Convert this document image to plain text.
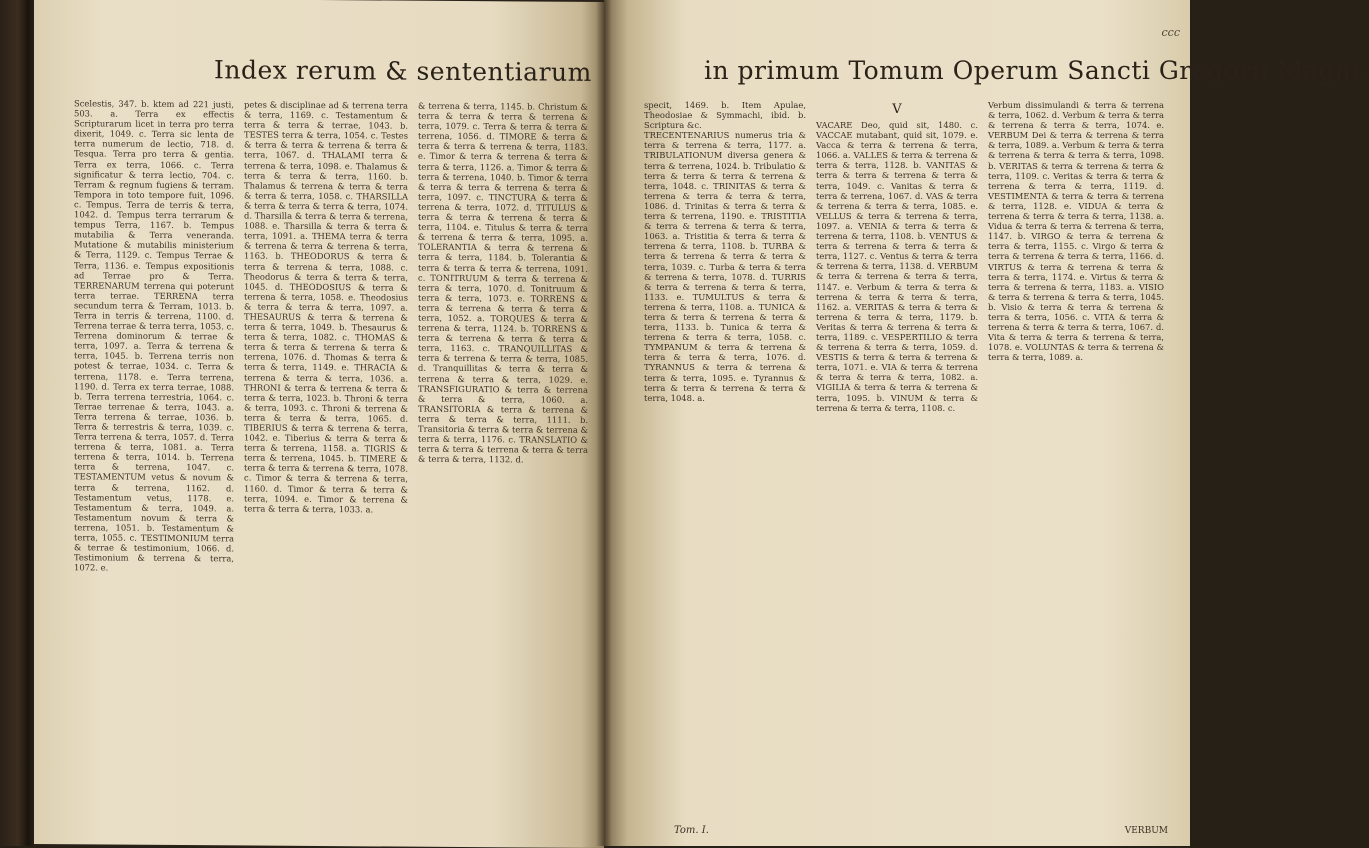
Index rerum & sententiarum

Scelestis, 347. b. ktem ad 221 justi, 503. a. Terra ex effectis Scripturarum licet in terra pro terra dixerit, 1049. c. Terra sic lenta de terra numerum de lectio, 718. d. Tesqua. Terra pro terra & gentia. Terra ex terra, 1066. c. Terra significatur & terra lectio, 704. c. Terram & regnum fugiens & terram. Tempora in toto tempore fuit, 1096. c. Tempus. Terra de terris & terra, 1042. d. Tempus terra terrarum & tempus Terra, 1167. b. Tempus mutabilia & Terra veneranda. Mutatione & mutabilis ministerium & Terra, 1129. c. Tempus Terrae & Terra, 1136. e. Tempus expositionis ad Terrae pro & Terra. TERRENARUM terrena qui poterunt terra terrae. TERRENA terra secundum terra & Terram, 1013. b. Terra in terris & terrena, 1100. d. Terrena terrae & terra terra, 1053. c. Terrena dominorum & terrae & terra, 1097. a. Terra & terrena & terra, 1045. b. Terrena terris non potest & terrae, 1034. c. Terra & terrena, 1178. e. Terra terrena, 1190. d. Terra ex terra terrae, 1088. b. Terra terrena terrestria, 1064. c. Terrae terrenae & terra, 1043. a. Terra terrena & terrae, 1036. b. Terra & terrestris & terra, 1039. c. Terra terrena & terra, 1057. d. Terra terrena & terra, 1081. a. Terra terrena & terra, 1014. b. Terrena terra & terrena, 1047. c. TESTAMENTUM vetus & novum & terra & terrena, 1162. d. Testamentum vetus, 1178. e. Testamentum & terra, 1049. a. Testamentum novum & terra & terrena, 1051. b. Testamentum & terra, 1055. c. TESTIMONIUM terra & terrae & testimonium, 1066. d. Testimonium & terrena & terra, 1072. e.

petes & disciplinae ad & terrena terra & terra, 1169. c. Testamentum & terra & terra & terrae, 1043. b. TESTES terra & terra, 1054. c. Testes & terra & terra & terrena & terra & terra, 1067. d. THALAMI terra & terrena & terra, 1098. e. Thalamus & terra & terra & terra, 1160. b. Thalamus & terrena & terra & terra & terra & terra, 1058. c. THARSILLA & terra & terra & terra & terra, 1074. d. Tharsilla & terra & terra & terrena, 1088. e. Tharsilla & terra & terra & terra, 1091. a. THEMA terra & terra & terrena & terra & terrena & terra, 1163. b. THEODORUS & terra & terra & terrena & terra, 1088. c. Theodorus & terra & terra & terra, 1045. d. THEODOSIUS & terra & terrena & terra, 1058. e. Theodosius & terra & terra & terra, 1097. a. THESAURUS & terra & terrena & terra & terra, 1049. b. Thesaurus & terra & terra, 1082. c. THOMAS & terra & terra & terrena & terra & terrena, 1076. d. Thomas & terra & terra & terra, 1149. e. THRACIA & terrena & terra & terra, 1036. a. THRONI & terra & terrena & terra & terra & terra, 1023. b. Throni & terra & terra, 1093. c. Throni & terrena & terra & terra & terra, 1065. d. TIBERIUS & terra & terrena & terra, 1042. e. Tiberius & terra & terra & terra & terrena, 1158. a. TIGRIS & terra & terrena, 1045. b. TIMERE & terra & terra & terrena & terra, 1078. c. Timor & terra & terrena & terra, 1160. d. Timor & terra & terra & terra, 1094. e. Timor & terrena & terra & terra & terra, 1033. a.

& terrena & terra, 1145. b. Christum & terra & terra & terra & terrena & terra, 1079. c. Terra & terra & terra & terrena, 1056. d. TIMORE & terra & terra & terra & terrena & terra, 1183. e. Timor & terra & terrena & terra & terra & terra, 1126. a. Timor & terra & terra & terrena, 1040. b. Timor & terra & terra & terra & terrena & terra & terra, 1097. c. TINCTURA & terra & terrena & terra, 1072. d. TITULUS & terra & terra & terrena & terra & terra, 1104. e. Titulus & terra & terra & terrena & terra & terra, 1095. a. TOLERANTIA & terra & terrena & terra & terra, 1184. b. Tolerantia & terra & terra & terra & terrena, 1091. c. TONITRUUM & terra & terrena & terra & terra, 1070. d. Tonitruum & terra & terra, 1073. e. TORRENS & terra & terrena & terra & terra & terra, 1052. a. TORQUES & terra & terrena & terra, 1124. b. TORRENS & terra & terrena & terra & terra & terra, 1163. c. TRANQUILLITAS & terra & terrena & terra & terra, 1085. d. Tranquillitas & terra & terra & terrena & terra & terra, 1029. e. TRANSFIGURATIO & terra & terrena & terra & terra, 1060. a. TRANSITORIA & terra & terrena & terra & terra & terra, 1111. b. Transitoria & terra & terra & terrena & terra & terra, 1176. c. TRANSLATIO & terra & terra & terrena & terra & terra & terra & terra, 1132. d.

ccc
in primum Tomum Operum Sancti Gregorii Magni.

specit, 1469. b. Item Apulae, Theodosiae & Symmachi, ibid. b. Scriptura &c.

TRECENTENARIUS numerus tria & terra & terrena & terra, 1177. a. TRIBULATIONUM diversa genera & terra & terrena, 1024. b. Tribulatio & terra & terra & terra & terrena & terra, 1048. c. TRINITAS & terra & terrena & terra & terra & terra, 1086. d. Trinitas & terra & terra & terra & terrena, 1190. e. TRISTITIA & terra & terrena & terra & terra, 1063. a. Tristitia & terra & terra & terrena & terra, 1108. b. TURBA & terra & terrena & terra & terra & terra, 1039. c. Turba & terra & terra & terrena & terra, 1078. d. TURRIS & terra & terrena & terra & terra, 1133. e. TUMULTUS & terra & terrena & terra, 1108. a. TUNICA & terra & terra & terrena & terra & terra, 1133. b. Tunica & terra & terrena & terra & terra, 1058. c. TYMPANUM & terra & terrena & terra & terra & terra, 1076. d. TYRANNUS & terra & terrena & terra & terra, 1095. e. Tyrannus & terra & terra & terrena & terra & terra, 1048. a.

V

VACARE Deo, quid sit, 1480. c. VACCAE mutabant, quid sit, 1079. e. Vacca & terra & terrena & terra, 1066. a. VALLES & terra & terrena & terra & terra, 1128. b. VANITAS & terra & terra & terrena & terra & terra, 1049. c. Vanitas & terra & terra & terrena, 1067. d. VAS & terra & terrena & terra & terra, 1085. e. VELLUS & terra & terrena & terra, 1097. a. VENIA & terra & terra & terrena & terra, 1108. b. VENTUS & terra & terrena & terra & terra & terra, 1127. c. Ventus & terra & terra & terrena & terra, 1138. d. VERBUM & terra & terrena & terra & terra, 1147. e. Verbum & terra & terra & terrena & terra & terra & terra, 1162. a. VERITAS & terra & terra & terrena & terra & terra, 1179. b. Veritas & terra & terrena & terra & terra, 1189. c. VESPERTILIO & terra & terrena & terra & terra, 1059. d. VESTIS & terra & terra & terrena & terra, 1071. e. VIA & terra & terrena & terra & terra & terra, 1082. a. VIGILIA & terra & terra & terrena & terra, 1095. b. VINUM & terra & terrena & terra & terra, 1108. c.

Verbum dissimulandi & terra & terrena & terra, 1062. d. Verbum & terra & terra & terrena & terra & terra, 1074. e. VERBUM Dei & terra & terrena & terra & terra, 1089. a. Verbum & terra & terra & terrena & terra & terra & terra, 1098. b. VERITAS & terra & terrena & terra & terra, 1109. c. Veritas & terra & terra & terrena & terra & terra, 1119. d. VESTIMENTA & terra & terra & terrena & terra, 1128. e. VIDUA & terra & terrena & terra & terra & terra, 1138. a. Vidua & terra & terra & terrena & terra, 1147. b. VIRGO & terra & terrena & terra & terra, 1155. c. Virgo & terra & terra & terrena & terra & terra, 1166. d. VIRTUS & terra & terrena & terra & terra & terra, 1174. e. Virtus & terra & terra & terrena & terra, 1183. a. VISIO & terra & terrena & terra & terra, 1045. b. Visio & terra & terra & terrena & terra & terra, 1056. c. VITA & terra & terrena & terra & terra & terra, 1067. d. Vita & terra & terra & terrena & terra, 1078. e. VOLUNTAS & terra & terrena & terra & terra, 1089. a.

Tom. I.	VERBUM
